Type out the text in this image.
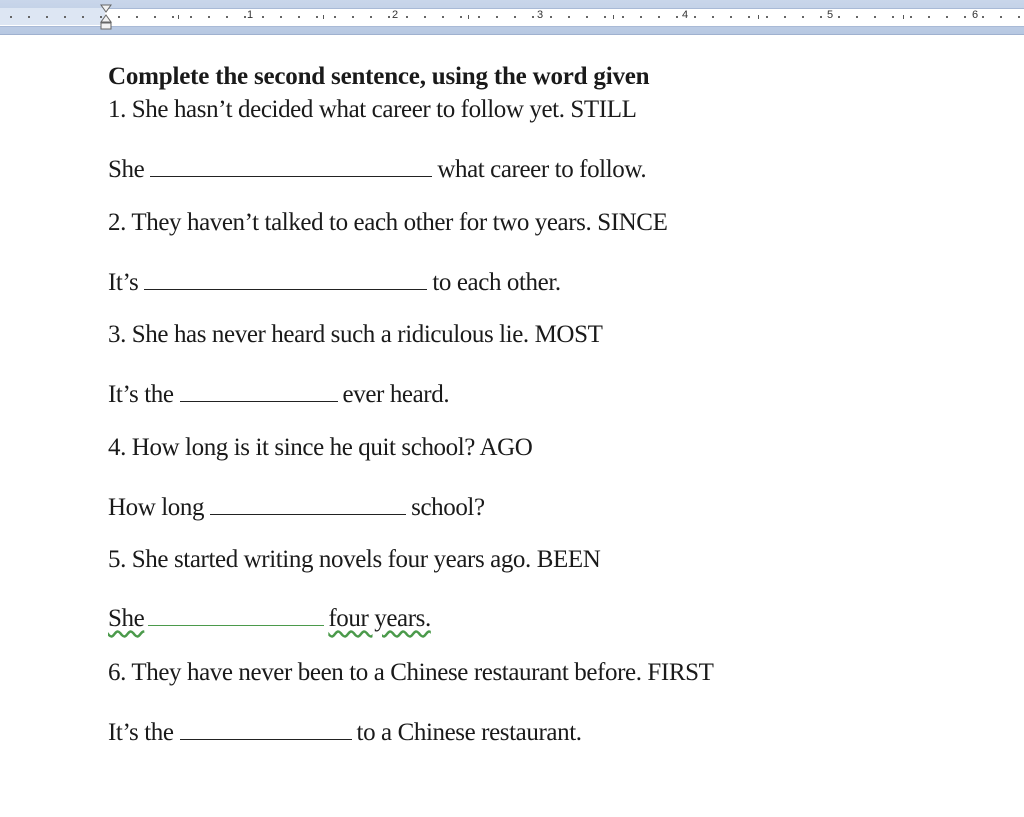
1	2	3	4	5	6
Complete the second sentence, using the word given
1. She hasn’t decided what career to follow yet. STILL
She	what career to follow.
2. They haven’t talked to each other for two years. SINCE
It’s	to each other.
3. She has never heard such a ridiculous lie. MOST
It’s the	ever heard.
4. How long is it since he quit school? AGO
How long	school?
5. She started writing novels four years ago. BEEN
She	four years.
6. They have never been to a Chinese restaurant before. FIRST
It’s the	to a Chinese restaurant.
